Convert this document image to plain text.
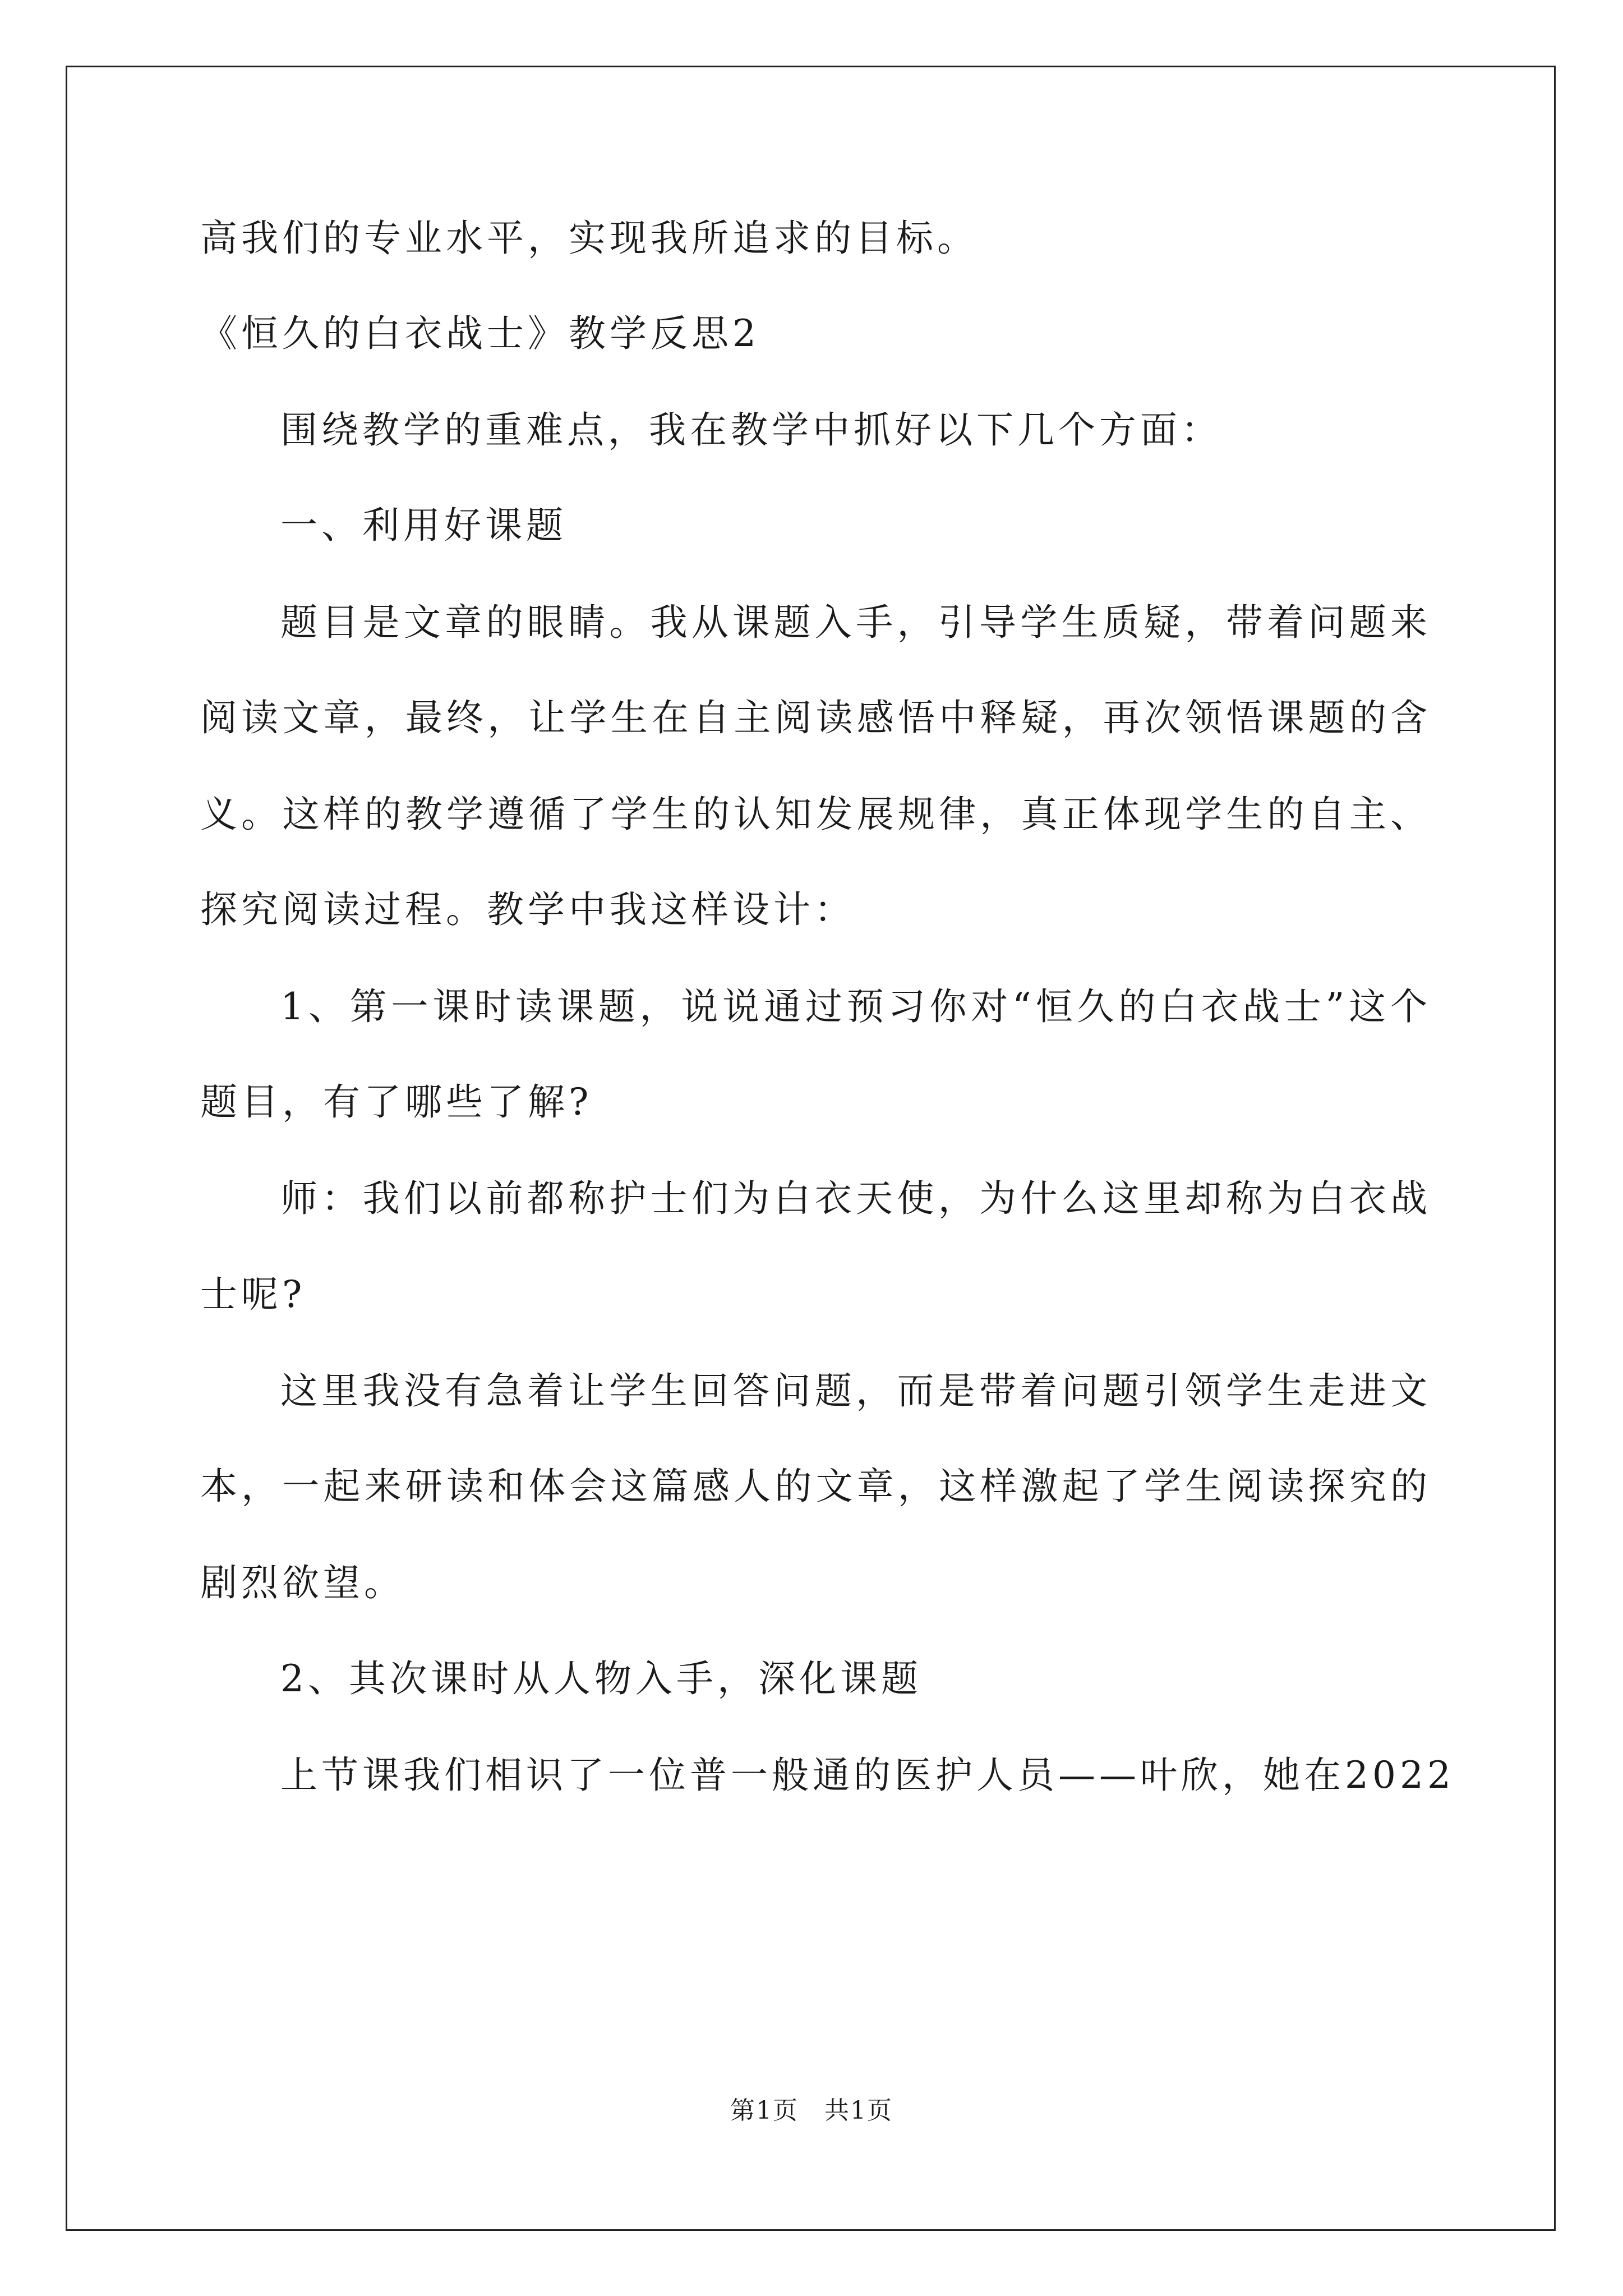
高我们的专业水平，实现我所追求的目标。
《恒久的白衣战士》教学反思2
围绕教学的重难点，我在教学中抓好以下几个方面：
一、利用好课题
题目是文章的眼睛。我从课题入手，引导学生质疑，带着问题来
阅读文章，最终，让学生在自主阅读感悟中释疑，再次领悟课题的含
义。这样的教学遵循了学生的认知发展规律，真正体现学生的自主、
探究阅读过程。教学中我这样设计：
1、第一课时读课题，说说通过预习你对“恒久的白衣战士”这个
题目，有了哪些了解?
师：我们以前都称护士们为白衣天使，为什么这里却称为白衣战
士呢?
这里我没有急着让学生回答问题，而是带着问题引领学生走进文
本，一起来研读和体会这篇感人的文章，这样激起了学生阅读探究的
剧烈欲望。
2、其次课时从人物入手，深化课题
上节课我们相识了一位普一般通的医护人员——叶欣，她在2022
第1页　共1页
